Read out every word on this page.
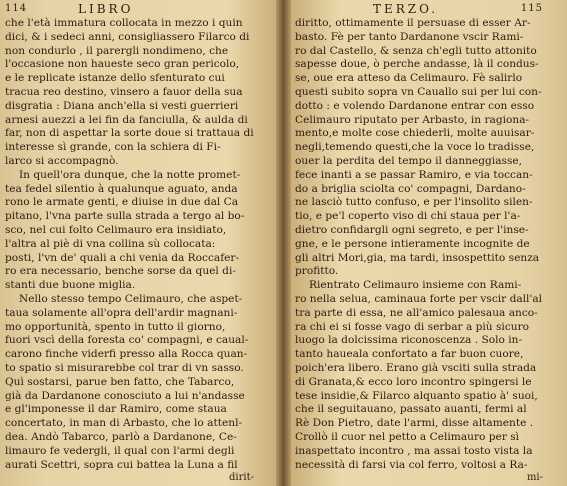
114	LIBRO
che l'età immatura collocata in mezzo i quin
dici, & i sedeci anni, consigliassero Filarco di
non condurlo , il parergli nondimeno, che
l'occasione non haueste seco gran pericolo,
e le replicate istanze dello sfenturato cui
tracua reo destino, vinsero a fauor della sua
disgratia : Diana anch'ella si vesti guerrieri
arnesi auezzi a lei fin da fanciulla, & aulda di
far, non di aspettar la sorte doue si trattaua di
interesse sì grande, con la schiera di Fi-
larco si accompagnò.
In quell'ora dunque, che la notte promet-
tea fedel silentio à qualunque aguato, anda
rono le armate genti, e diuise in due dal Ca
pitano, l'vna parte sulla strada a tergo al bo-
sco, nel cui folto Celimauro era insidiato,
l'altra al piè di vna collina sù collocata:
posti, l'vn de' quali a chi venia da Roccafer-
ro era necessario, benche sorse da quel di-
stanti due buone miglia.
Nello stesso tempo Celimauro, che aspet-
taua solamente all'opra dell'ardir magnani-
mo opportunità, spento in tutto il giorno,
fuori vscì della foresta co' compagni, e caual-
carono finche viderfi presso alla Rocca quan-
to spatio si misurarebbe col trar di vn sasso.
Quì sostarsi, parue ben fatto, che Tabarco,
già da Dardanone conosciuto a lui n'andasse
e gl'imponesse il dar Ramiro, come staua
concertato, in man di Arbasto, che lo attenl-
dea. Andò Tabarco, parlò a Dardanone, Ce-
limauro fe vedergli, il qual con l'armi degli
aurati Scettri, sopra cui battea la Luna a fil
dirit-
TERZO.	115
diritto, ottimamente il persuase di esser Ar-
basto. Fè per tanto Dardanone vscir Rami-
ro dal Castello, & senza ch'egli tutto attonito
sapesse doue, ò perche andasse, là il condus-
se, oue era atteso da Celimauro. Fè salirlo
questi subito sopra vn Cauallo sui per lui con-
dotto : e volendo Dardanone entrar con esso
Celimauro riputato per Arbasto, in ragiona-
mento,e molte cose chiederli, molte auuisar-
negli,temendo questi,che la voce lo tradisse,
ouer la perdita del tempo il danneggiasse,
fece inanti a se passar Ramiro, e via toccan-
do a briglia sciolta co' compagni, Dardano-
ne lasciò tutto confuso, e per l'insolito silen-
tio, e pe'l coperto viso di chi staua per l'a-
dietro confidargli ogni segreto, e per l'inse-
gne, e le persone intieramente incognite de
gli altri Mori,gia, ma tardi, insospettito senza
profitto.
Rientrato Celimauro insieme con Rami-
ro nella selua, caminaua forte per vscir dall'al
tra parte di essa, ne all'amico palesaua anco-
ra chi ei si fosse vago di serbar a più sicuro
luogo la dolcissima riconoscenza . Solo in-
tanto haueala confortato a far buon cuore,
poich'era libero. Erano già vsciti sulla strada
di Granata,& ecco loro incontro spingersi le
tese insidie,& Filarco alquanto spatio à' suoi,
che il seguitauano, passato auanti, fermi al
Rè Don Pietro, date l'armi, disse altamente .
Crollò il cuor nel petto a Celimauro per sì
inaspettato incontro , ma assai tosto vista la
necessità di farsi via col ferro, voltosi a Ra-
mi-
